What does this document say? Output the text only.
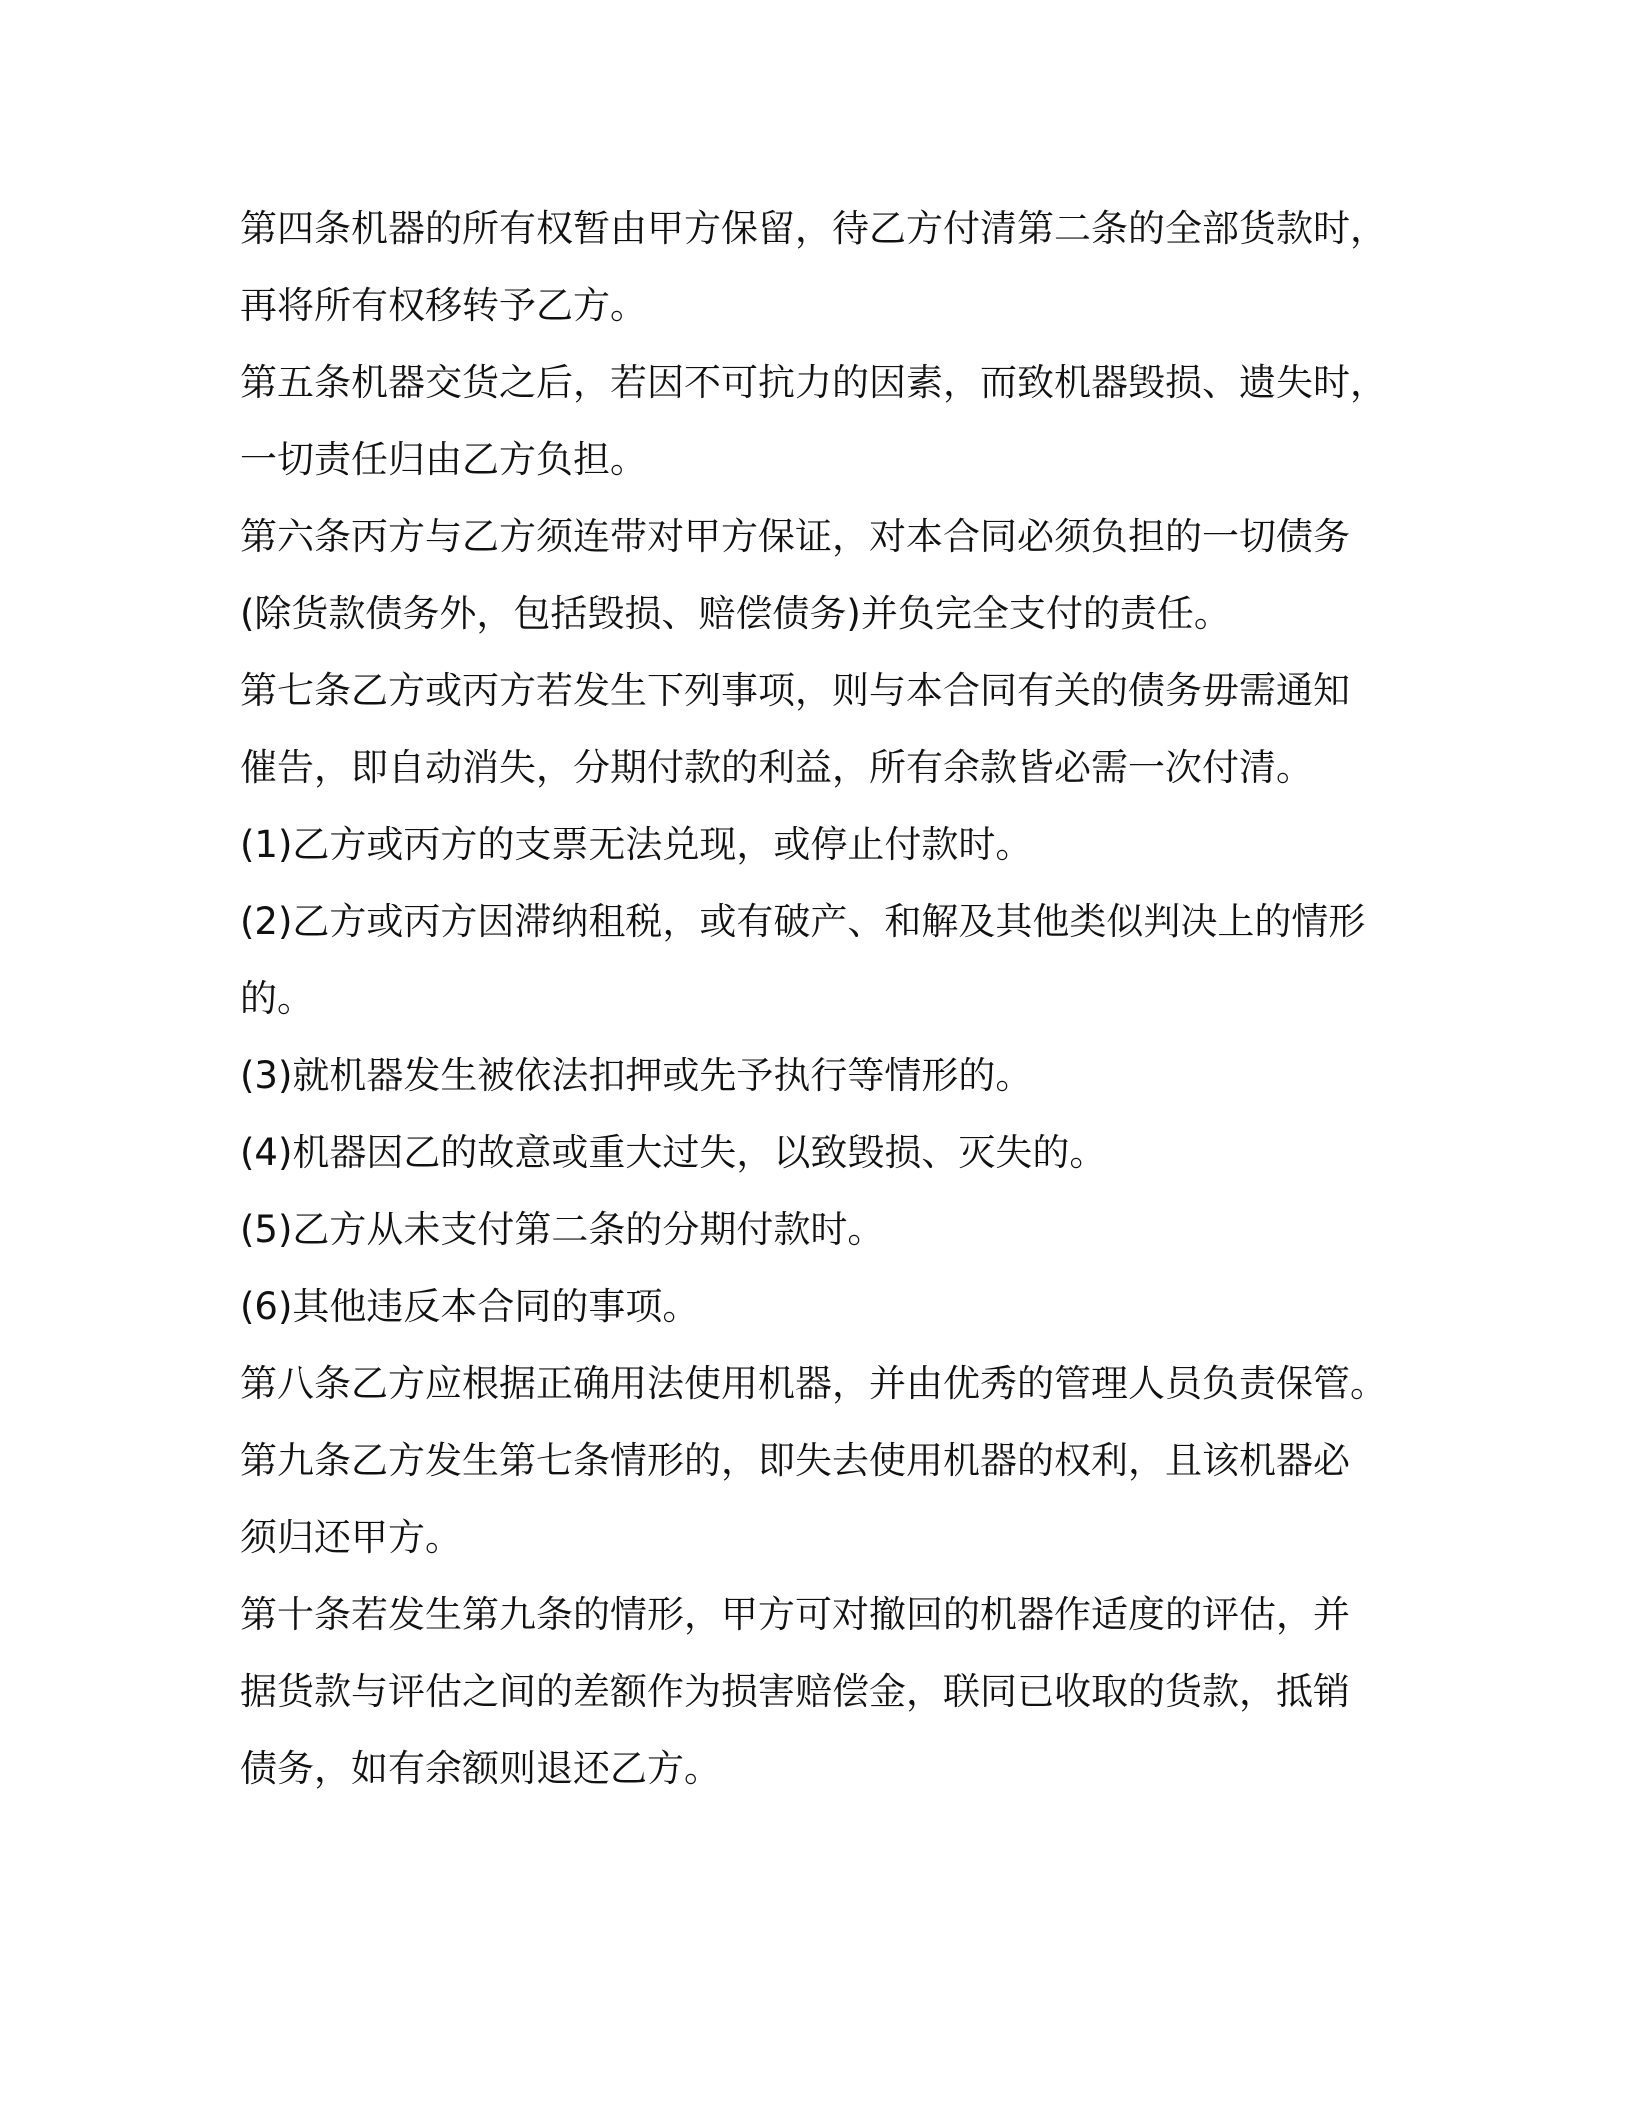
第四条机器的所有权暂由甲方保留，待乙方付清第二条的全部货款时，
再将所有权移转予乙方。
第五条机器交货之后，若因不可抗力的因素，而致机器毁损、遗失时，
一切责任归由乙方负担。
第六条丙方与乙方须连带对甲方保证，对本合同必须负担的一切债务
(除货款债务外，包括毁损、赔偿债务)并负完全支付的责任。
第七条乙方或丙方若发生下列事项，则与本合同有关的债务毋需通知
催告，即自动消失，分期付款的利益，所有余款皆必需一次付清。
(1)乙方或丙方的支票无法兑现，或停止付款时。
(2)乙方或丙方因滞纳租税，或有破产、和解及其他类似判决上的情形
的。
(3)就机器发生被依法扣押或先予执行等情形的。
(4)机器因乙的故意或重大过失，以致毁损、灭失的。
(5)乙方从未支付第二条的分期付款时。
(6)其他违反本合同的事项。
第八条乙方应根据正确用法使用机器，并由优秀的管理人员负责保管。
第九条乙方发生第七条情形的，即失去使用机器的权利，且该机器必
须归还甲方。
第十条若发生第九条的情形，甲方可对撤回的机器作适度的评估，并
据货款与评估之间的差额作为损害赔偿金，联同已收取的货款，抵销
债务，如有余额则退还乙方。
